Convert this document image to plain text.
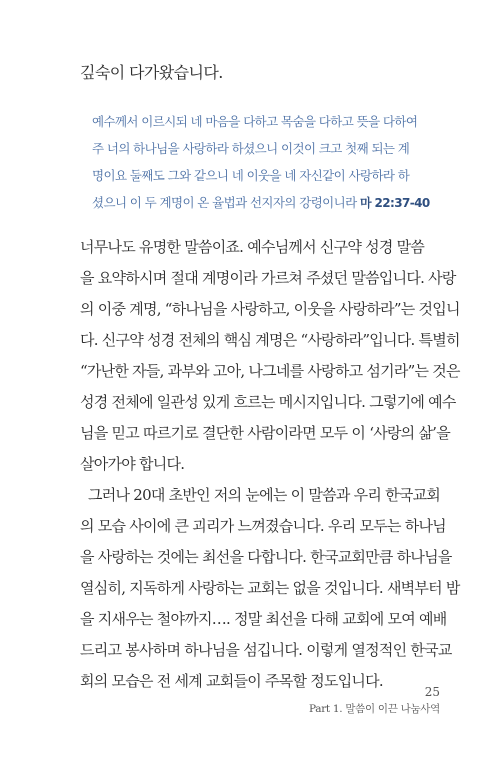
깊숙이 다가왔습니다.
예수께서 이르시되 네 마음을 다하고 목숨을 다하고 뜻을 다하여
주 너의 하나님을 사랑하라 하셨으니 이것이 크고 첫째 되는 계
명이요 둘째도 그와 같으니 네 이웃을 네 자신같이 사랑하라 하
셨으니 이 두 계명이 온 율법과 선지자의 강령이니라 마 22:37-40
너무나도 유명한 말씀이죠. 예수님께서 신구약 성경 말씀
을 요약하시며 절대 계명이라 가르쳐 주셨던 말씀입니다. 사랑
의 이중 계명, “하나님을 사랑하고, 이웃을 사랑하라”는 것입니
다. 신구약 성경 전체의 핵심 계명은 “사랑하라”입니다. 특별히
“가난한 자들, 과부와 고아, 나그네를 사랑하고 섬기라”는 것은
성경 전체에 일관성 있게 흐르는 메시지입니다. 그렇기에 예수
님을 믿고 따르기로 결단한 사람이라면 모두 이 ‘사랑의 삶’을
살아가야 합니다.
그러나 20대 초반인 저의 눈에는 이 말씀과 우리 한국교회
의 모습 사이에 큰 괴리가 느껴졌습니다. 우리 모두는 하나님
을 사랑하는 것에는 최선을 다합니다. 한국교회만큼 하나님을
열심히, 지독하게 사랑하는 교회는 없을 것입니다. 새벽부터 밤
을 지새우는 철야까지…. 정말 최선을 다해 교회에 모여 예배
드리고 봉사하며 하나님을 섬깁니다. 이렇게 열정적인 한국교
회의 모습은 전 세계 교회들이 주목할 정도입니다.
25
Part 1. 말씀이 이끈 나눔사역
